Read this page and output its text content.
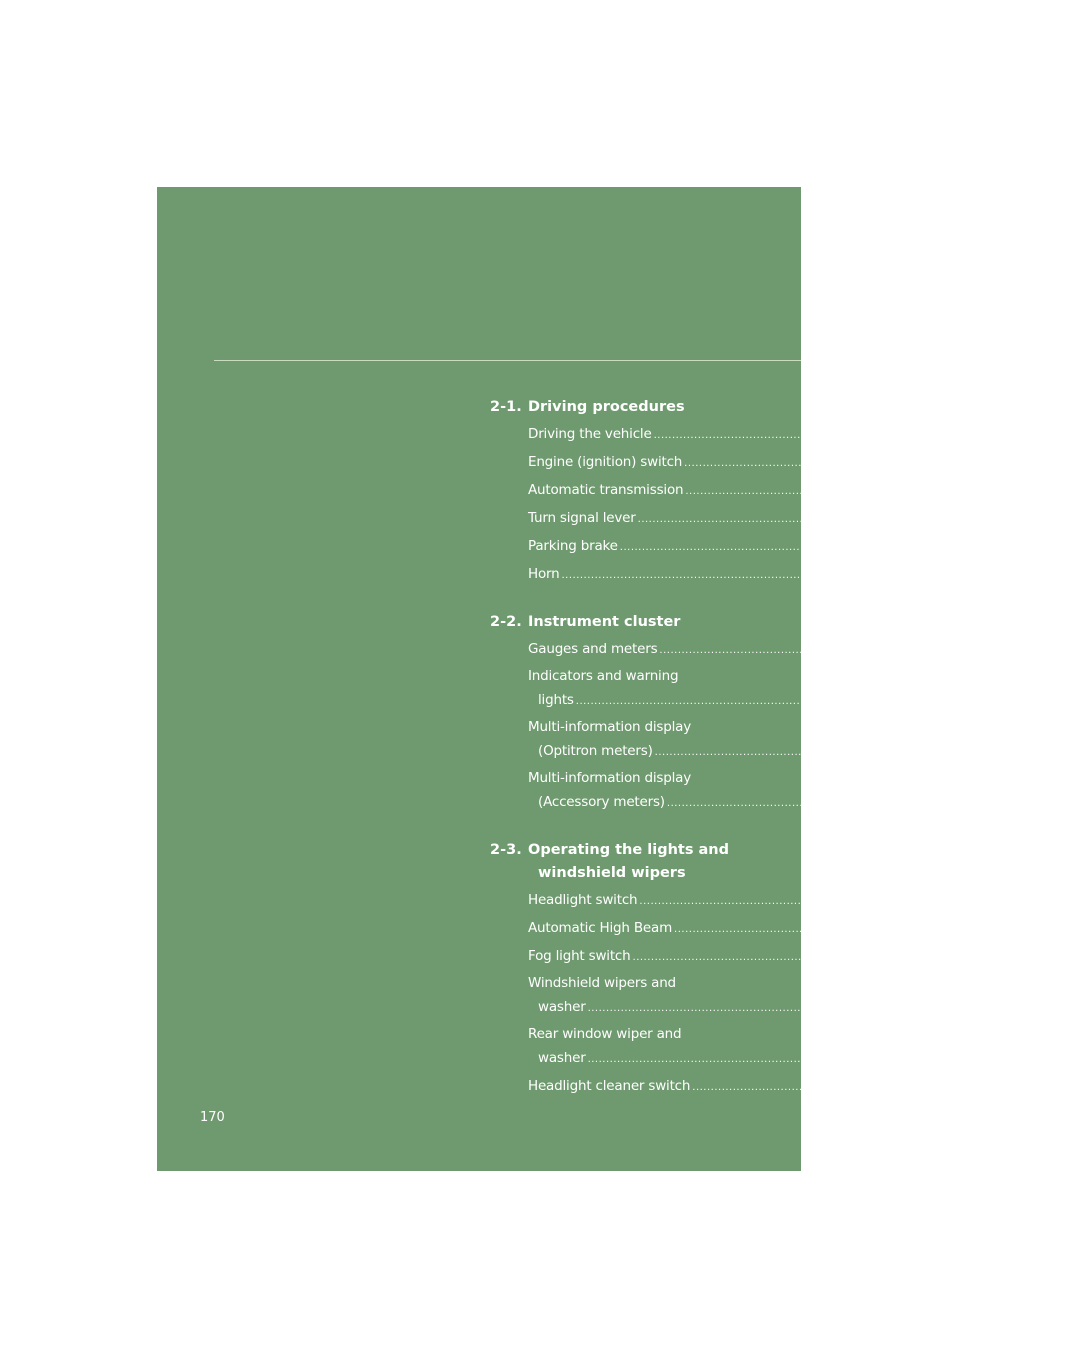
2-1. Driving procedures
Driving the vehicle ................................................................................................ 172
Engine (ignition) switch ................................................................................................ 183
Automatic transmission ................................................................................................ 190
Turn signal lever ................................................................................................ 196
Parking brake ................................................................................................ 197
Horn ................................................................................................ 198
2-2. Instrument cluster
Gauges and meters ................................................................................................ 199
Indicators and warning
lights ................................................................................................ 202
Multi-information display
(Optitron meters) ................................................................................................ 208
Multi-information display
(Accessory meters) ................................................................................................ 216
2-3. Operating the lights and
windshield wipers
Headlight switch ................................................................................................ 223
Automatic High Beam ................................................................................................ 230
Fog light switch ................................................................................................ 237
Windshield wipers and
washer ................................................................................................ 240
Rear window wiper and
washer ................................................................................................ 246
Headlight cleaner switch ................................................................................................ 249
170
